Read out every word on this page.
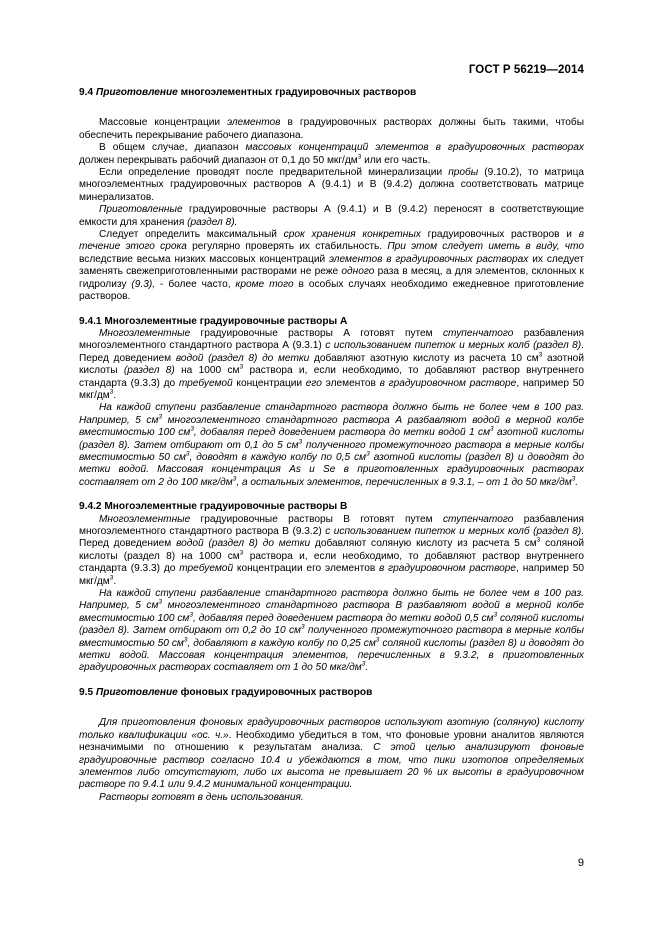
ГОСТ Р 56219—2014

9.4 Приготовление многоэлементных градуировочных растворов

Массовые концентрации элементов в градуировочных растворах должны быть такими, чтобы обеспечить перекрывание рабочего диапазона.

В общем случае, диапазон массовых концентраций элементов в градуировочных растворах должен перекрывать рабочий диапазон от 0,1 до 50 мкг/$дм^3$ или его часть.

Если определение проводят после предварительной минерализации пробы (9.10.2), то матрица многоэлементных градуировочных растворов А (9.4.1) и В (9.4.2) должна соответствовать матрице минерализатов.

Приготовленные градуировочные растворы А (9.4.1) и В (9.4.2) переносят в соответствующие емкости для хранения (раздел 8).

Следует определить максимальный срок хранения конкретных градуировочных растворов и в течение этого срока регулярно проверять их стабильность. При этом следует иметь в виду, что вследствие весьма низких массовых концентраций элементов в градуировочных растворах их следует заменять свежеприготовленными растворами не реже одного раза в месяц, а для элементов, склонных к гидролизу (9.3), - более часто, кроме того в особых случаях необходимо ежедневное приготовление растворов.

9.4.1 Многоэлементные градуировочные растворы А

Многоэлементные градуировочные растворы А готовят путем ступенчатого разбавления многоэлементного стандартного раствора А (9.3.1) с использованием пипеток и мерных колб (раздел 8). Перед доведением водой (раздел 8) до метки добавляют азотную кислоту из расчета 10 $см^3$ азотной кислоты (раздел 8) на 1000 $см^3$ раствора и, если необходимо, то добавляют раствор внутреннего стандарта (9.3.3) до требуемой концентрации его элементов в градуировочном растворе, например 50 мкг/$дм^3$.

На каждой ступени разбавление стандартного раствора должно быть не более чем в 100 раз. Например, 5 $см^3$ многоэлементного стандартного раствора А разбавляют водой в мерной колбе вместимостью 100 $см^3$, добавляя перед доведением раствора до метки водой 1 $см^3$ азотной кислоты (раздел 8). Затем отбирают от 0,1 до 5 $см^3$ полученного промежуточного раствора в мерные колбы вместимостью 50 $см^3$, доводят в каждую колбу по 0,5 $см^3$ азотной кислоты (раздел 8) и доводят до метки водой. Массовая концентрация As и Se в приготовленных градуировочных растворах составляет от 2 до 100 мкг/$дм^3$, а остальных элементов, перечисленных в 9.3.1, – от 1 до 50 мкг/$дм^3$.

9.4.2 Многоэлементные градуировочные растворы В

Многоэлементные градуировочные растворы В готовят путем ступенчатого разбавления многоэлементного стандартного раствора В (9.3.2) с использованием пипеток и мерных колб (раздел 8). Перед доведением водой (раздел 8) до метки добавляют соляную кислоту из расчета 5 $см^3$ соляной кислоты (раздел 8) на 1000 $см^3$ раствора и, если необходимо, то добавляют раствор внутреннего стандарта (9.3.3) до требуемой концентрации его элементов в градуировочном растворе, например 50 мкг/$дм^3$.

На каждой ступени разбавление стандартного раствора должно быть не более чем в 100 раз. Например, 5 $см^3$ многоэлементного стандартного раствора В разбавляют водой в мерной колбе вместимостью 100 $см^3$, добавляя перед доведением раствора до метки водой 0,5 $см^3$ соляной кислоты (раздел 8). Затем отбирают от 0,2 до 10 $см^3$ полученного промежуточного раствора в мерные колбы вместимостью 50 $см^3$, добавляют в каждую колбу по 0,25 $см^3$ соляной кислоты (раздел 8) и доводят до метки водой. Массовая концентрация элементов, перечисленных в 9.3.2, в приготовленных градуировочных растворах составляет от 1 до 50 мкг/$дм^3$.

9.5 Приготовление фоновых градуировочных растворов

Для приготовления фоновых градуировочных растворов используют азотную (соляную) кислоту только квалификации «ос. ч.». Необходимо убедиться в том, что фоновые уровни аналитов являются незначимыми по отношению к результатам анализа. С этой целью анализируют фоновые градуировочные раствор согласно 10.4 и убеждаются в том, что пики изотопов определяемых элементов либо отсутствуют, либо их высота не превышает 20 % их высоты в градуировочном растворе по 9.4.1 или 9.4.2 минимальной концентрации.

Растворы готовят в день использования.

9
